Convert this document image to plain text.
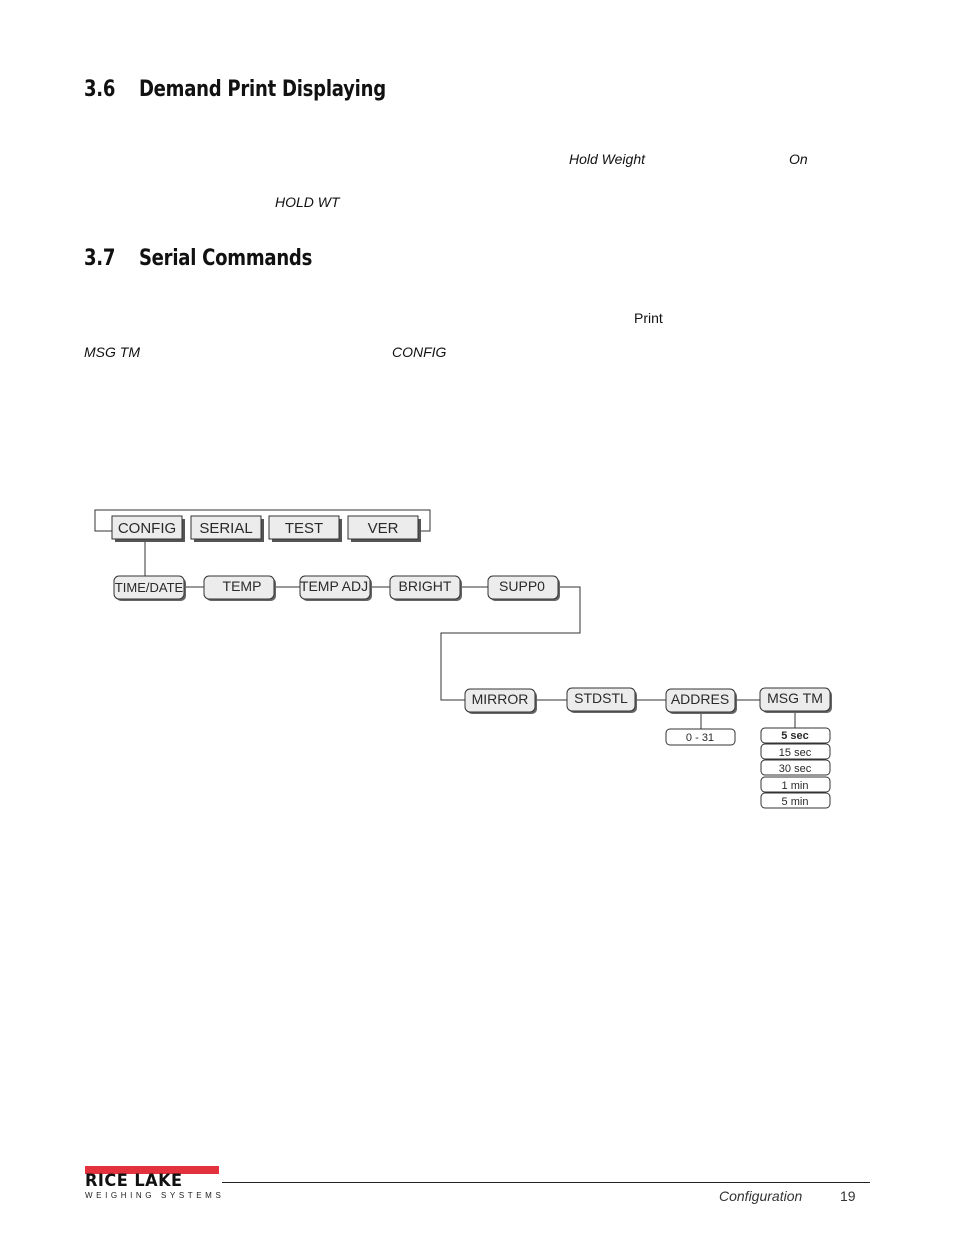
3.6 Demand Print Displaying
3.7 Serial Commands
Hold Weight	On
HOLD WT
Print
MSG TM	CONFIG
CONFIG SERIAL TEST	VER
TIME/DATE	TEMP	TEMP ADJ BRIGHT	SUPP0
MIRROR	STDSTL	ADDRES	MSG TM
0 - 31	5 sec
15 sec
30 sec
1 min
5 min
RICE LAKE
WEIGHING SYSTEMS	Configuration	19
